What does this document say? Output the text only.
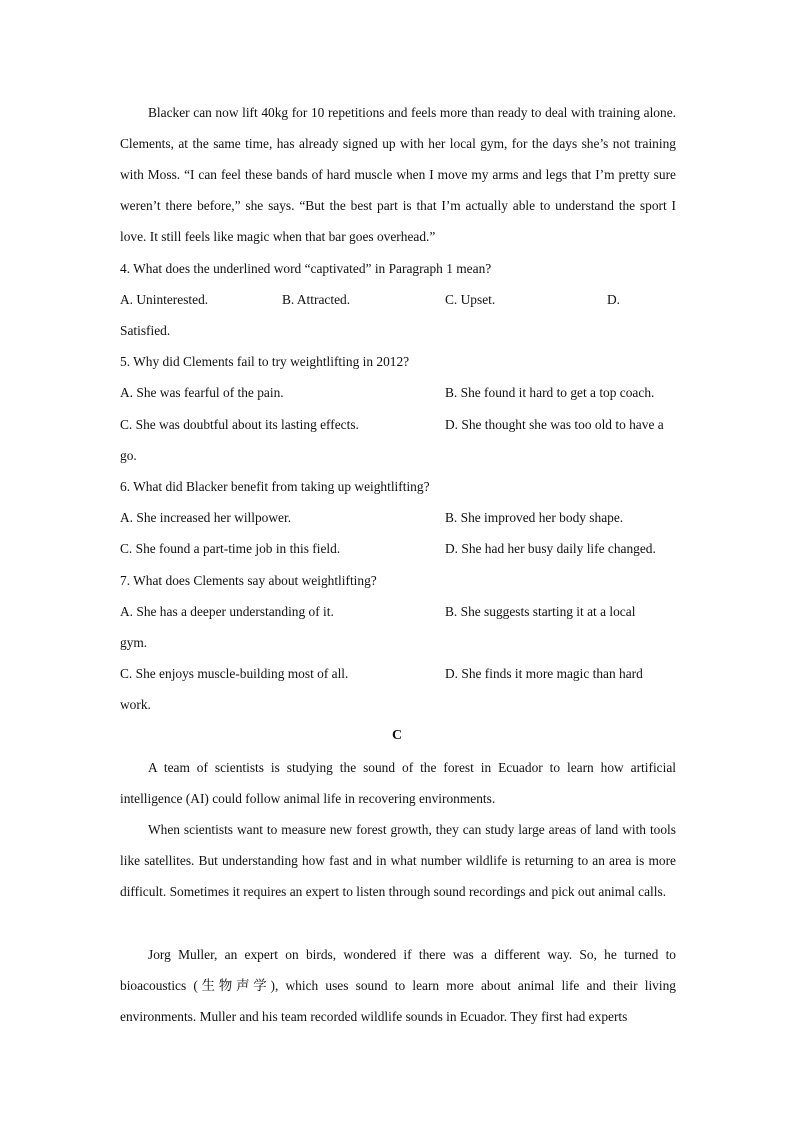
Blacker can now lift 40kg for 10 repetitions and feels more than ready to deal with training alone. Clements, at the same time, has already signed up with her local gym, for the days she’s not training with Moss. “I can feel these bands of hard muscle when I move my arms and legs that I’m pretty sure weren’t there before,” she says. “But the best part is that I’m actually able to understand the sport I love. It still feels like magic when that bar goes overhead.”

4. What does the underlined word “captivated” in Paragraph 1 mean?
A. Uninterested.	B. Attracted.	C. Upset.	D.
Satisfied.
5. Why did Clements fail to try weightlifting in 2012?
A. She was fearful of the pain.	B. She found it hard to get a top coach.
C. She was doubtful about its lasting effects.	D. She thought she was too old to have a
go.
6. What did Blacker benefit from taking up weightlifting?
A. She increased her willpower.	B. She improved her body shape.
C. She found a part-time job in this field.	D. She had her busy daily life changed.
7. What does Clements say about weightlifting?
A. She has a deeper understanding of it.	B. She suggests starting it at a local
gym.
C. She enjoys muscle-building most of all.	D. She finds it more magic than hard
work.
C

A team of scientists is studying the sound of the forest in Ecuador to learn how artificial intelligence (AI) could follow animal life in recovering environments.

When scientists want to measure new forest growth, they can study large areas of land with tools like satellites. But understanding how fast and in what number wildlife is returning to an area is more difficult. Sometimes it requires an expert to listen through sound recordings and pick out animal calls.

Jorg Muller, an expert on birds, wondered if there was a different way. So, he turned to bioacoustics (生物声学), which uses sound to learn more about animal life and their living environments. Muller and his team recorded wildlife sounds in Ecuador. They first had experts
